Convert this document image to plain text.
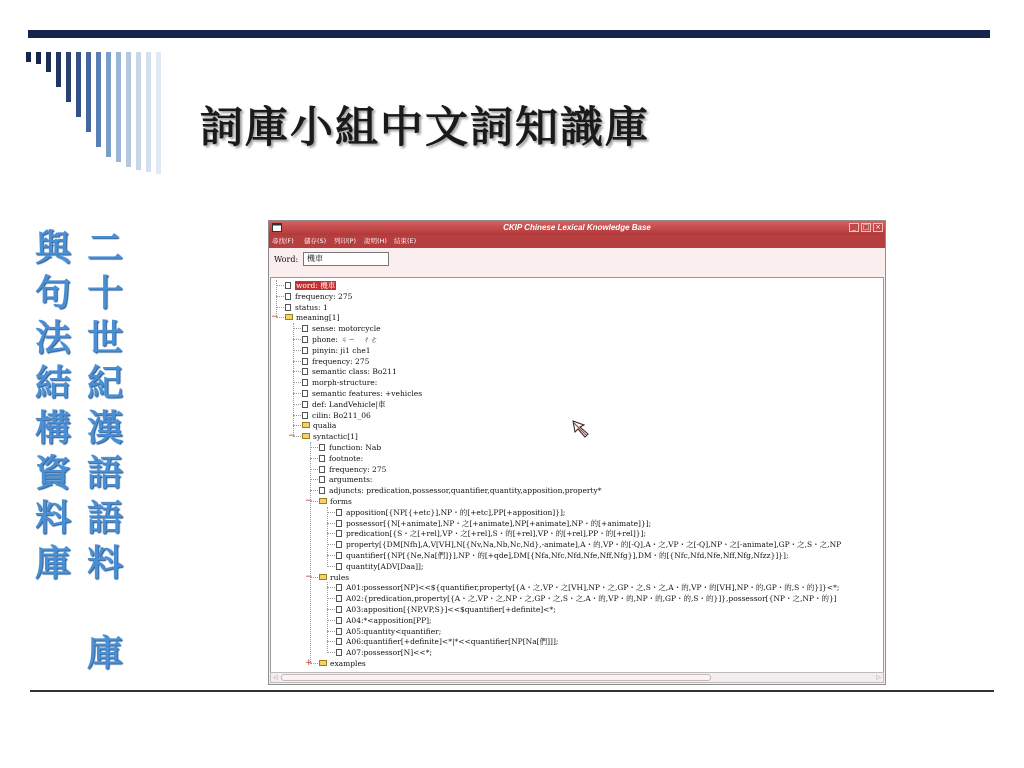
詞庫小組中文詞知識庫
與
句
法
結
構
資
料
庫
二
十
世
紀
漢
語
語
料
庫
CKIP Chinese Lexical Knowledge Base	_ □ ×
尋找(F) 儲存(S) 列印(P) 說明(H) 結束(E)
Word:	機車
word: 機車
frequency: 275
status: 1
meaning[1]
−
sense: motorcycle
phone: ㄐㄧ　ㄔㄜ
pinyin: ji1 che1
frequency: 275
semantic class: Bo211
morph-structure:
semantic features: +vehicles
def: LandVehicle|車
cilin: Bo211_06
qualia
syntactic[1]
−
function: Nab
footnote:
frequency: 275
arguments:
adjuncts: predication,possessor,quantifier,quantity,apposition,property*
forms
−
apposition[{NP[{+etc}],NP・的[+etc],PP[+apposition]}];
possessor[{N[+animate],NP・之[+animate],NP[+animate],NP・的[+animate]}];
predication[{S・之[+rel],VP・之[+rel],S・的[+rel],VP・的[+rel],PP・的[+rel]}];
property[{DM[Nfh],A,V[VH],N[{Nv,Na,Nb,Nc,Nd},-animate],A・的,VP・的[-Q],A・之,VP・之[-Q],NP・之[-animate],GP・之,S・之,NP
quantifier[{NP[{Ne,Na[們]}],NP・的[+qde],DM[{Nfa,Nfc,Nfd,Nfe,Nff,Nfg}],DM・的[{Nfc,Nfd,Nfe,Nff,Nfg,Nfzz}]}];
quantity[ADV[Daa]];
rules
−
A01:possessor[NP]<<${quantifier,property[{A・之,VP・之[VH],NP・之,GP・之,S・之,A・的,VP・的[VH],NP・的,GP・的,S・的}]}<*;
A02:{predication,property[{A・之,VP・之,NP・之,GP・之,S・之,A・的,VP・的,NP・的,GP・的,S・的}]},possessor[{NP・之,NP・的}]
A03:apposition[{NP,VP,S}]<<$quantifier[+definite]<*;
A04:*<apposition[PP];
A05:quantity<quantifier;
A06:quantifier[+definite]<*|*<<quantifier[NP[Na[們]]];
A07:possessor[N]<<*;
examples
+
◁	▷
